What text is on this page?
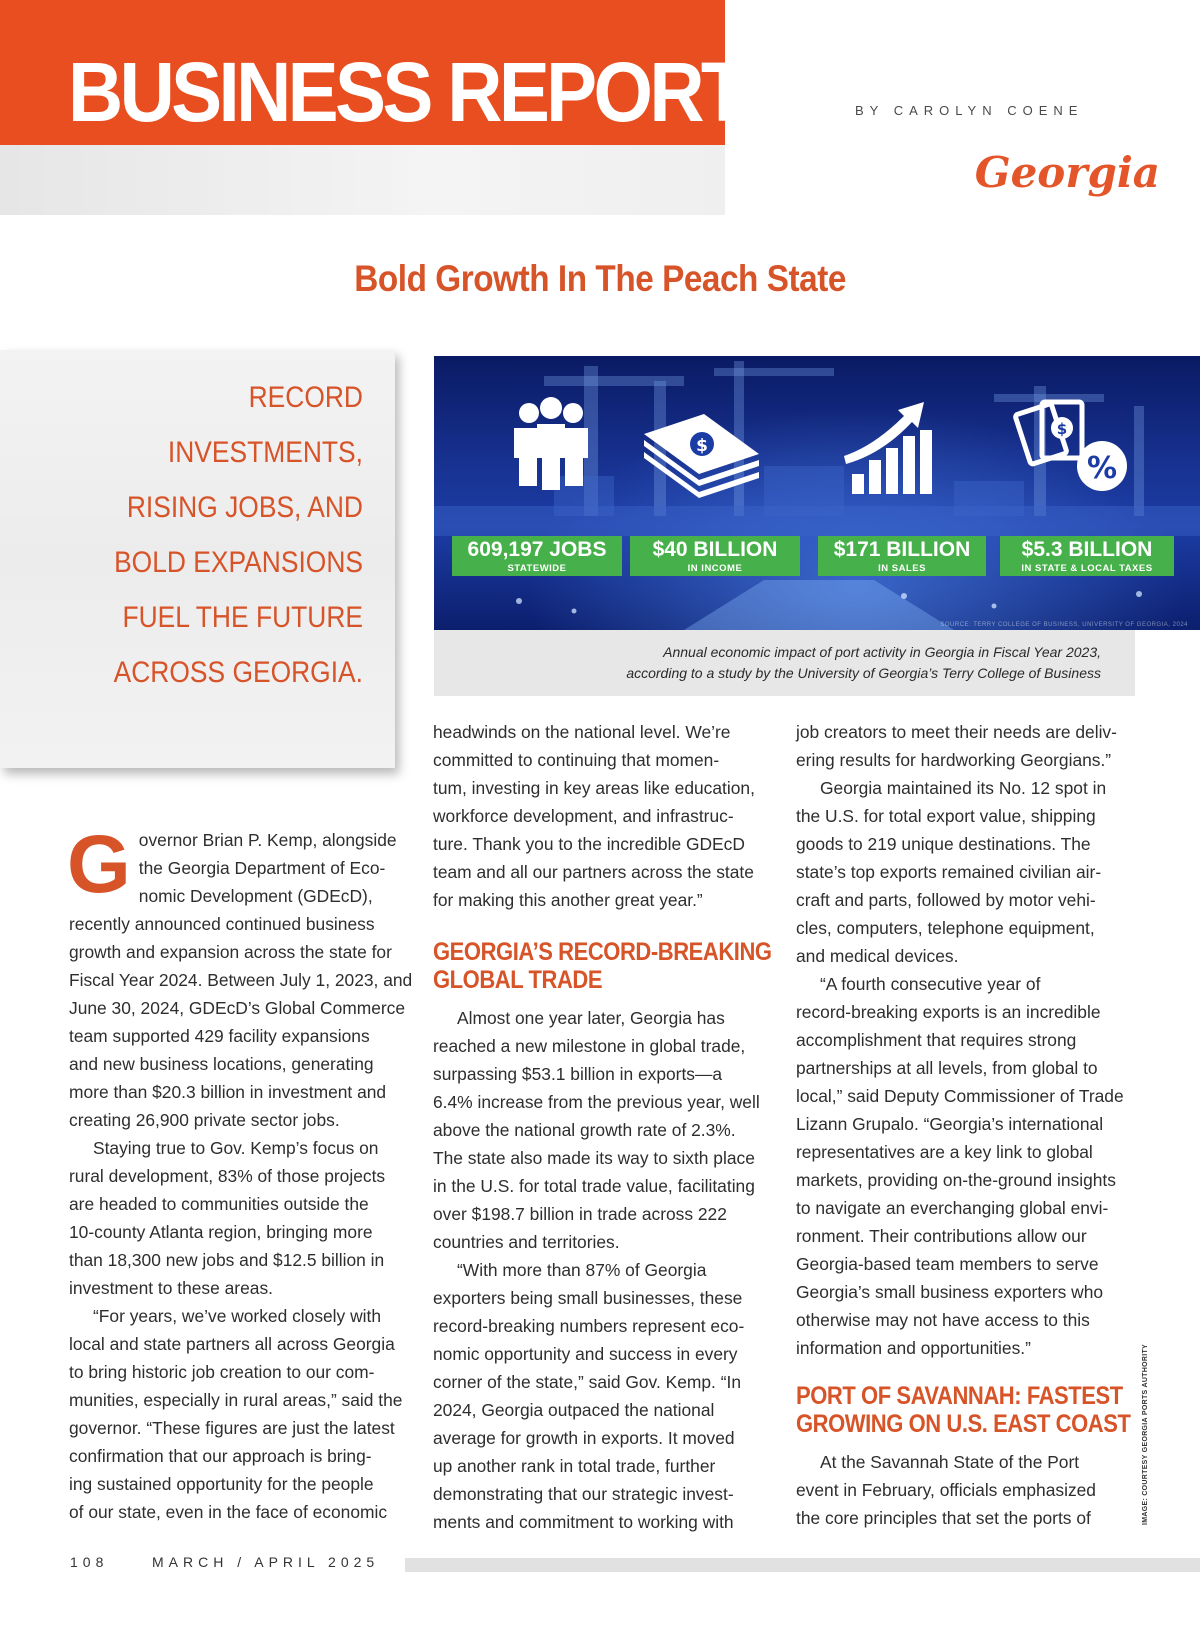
BUSINESS REPORT
Georgia
BY CAROLYN COENE
Bold Growth In The Peach State
RECORD
INVESTMENTS,
RISING JOBS, AND
BOLD EXPANSIONS
FUEL THE FUTURE
ACROSS GEORGIA.
$
$
%
609,197 JOBS
STATEWIDE
$40 BILLION
IN INCOME
$171 BILLION
IN SALES
$5.3 BILLION
IN STATE & LOCAL TAXES
SOURCE: TERRY COLLEGE OF BUSINESS, UNIVERSITY OF GEORGIA, 2024
Annual economic impact of port activity in Georgia in Fiscal Year 2023,
according to a study by the University of Georgia’s Terry College of Business

G overnor Brian P. Kemp, alongside
the Georgia Department of Eco-
nomic Development (GDEcD),
recently announced continued business
growth and expansion across the state for
Fiscal Year 2024. Between July 1, 2023, and
June 30, 2024, GDEcD’s Global Commerce
team supported 429 facility expansions
and new business locations, generating
more than $20.3 billion in investment and
creating 26,900 private sector jobs.

Staying true to Gov. Kemp’s focus on
rural development, 83% of those projects
are headed to communities outside the
10-county Atlanta region, bringing more
than 18,300 new jobs and $12.5 billion in
investment to these areas.

“For years, we’ve worked closely with
local and state partners all across Georgia
to bring historic job creation to our com-
munities, especially in rural areas,” said the
governor. “These figures are just the latest
confirmation that our approach is bring-
ing sustained opportunity for the people
of our state, even in the face of economic

headwinds on the national level. We’re
committed to continuing that momen-
tum, investing in key areas like education,
workforce development, and infrastruc-
ture. Thank you to the incredible GDEcD
team and all our partners across the state
for making this another great year.”

GEORGIA’S RECORD-BREAKING
GLOBAL TRADE

Almost one year later, Georgia has
reached a new milestone in global trade,
surpassing $53.1 billion in exports—a
6.4% increase from the previous year, well
above the national growth rate of 2.3%.
The state also made its way to sixth place
in the U.S. for total trade value, facilitating
over $198.7 billion in trade across 222
countries and territories.

“With more than 87% of Georgia
exporters being small businesses, these
record-breaking numbers represent eco-
nomic opportunity and success in every
corner of the state,” said Gov. Kemp. “In
2024, Georgia outpaced the national
average for growth in exports. It moved
up another rank in total trade, further
demonstrating that our strategic invest-
ments and commitment to working with

job creators to meet their needs are deliv-
ering results for hardworking Georgians.”

Georgia maintained its No. 12 spot in
the U.S. for total export value, shipping
goods to 219 unique destinations. The
state’s top exports remained civilian air-
craft and parts, followed by motor vehi-
cles, computers, telephone equipment,
and medical devices.

“A fourth consecutive year of
record-breaking exports is an incredible
accomplishment that requires strong
partnerships at all levels, from global to
local,” said Deputy Commissioner of Trade
Lizann Grupalo. “Georgia’s international
representatives are a key link to global
markets, providing on-the-ground insights
to navigate an everchanging global envi-
ronment. Their contributions allow our
Georgia-based team members to serve
Georgia’s small business exporters who
otherwise may not have access to this
information and opportunities.”

PORT OF SAVANNAH: FASTEST
GROWING ON U.S. EAST COAST

At the Savannah State of the Port
event in February, officials emphasized
the core principles that set the ports of	IMAGE: COURTESY GEORGIA PORTS AUTHORITY
108	MARCH / APRIL 2025
